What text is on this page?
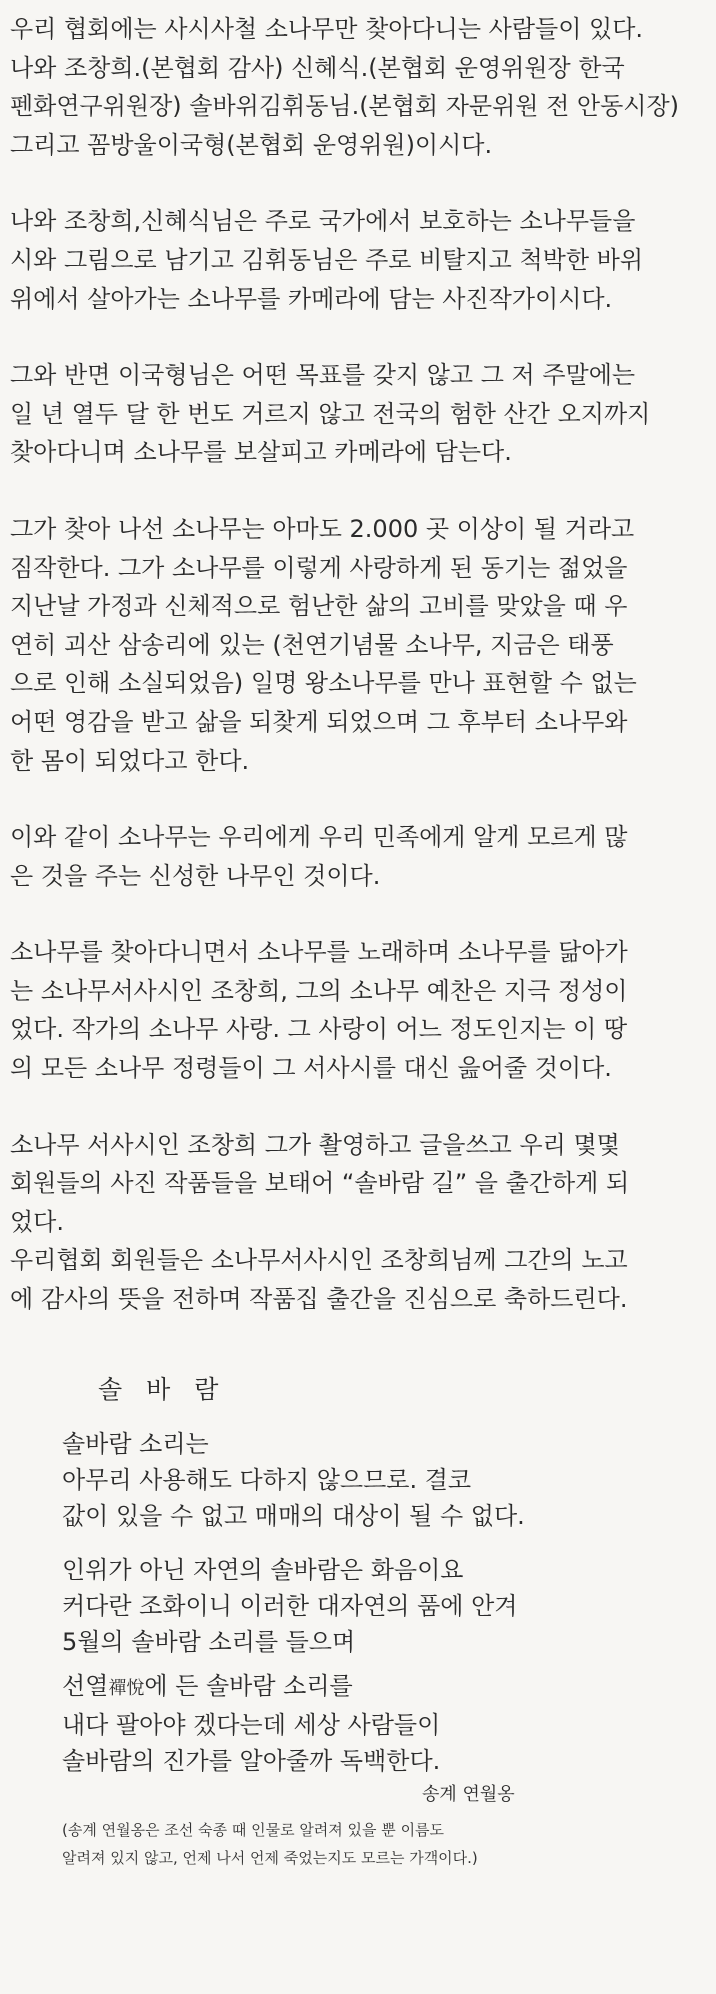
우리 협회에는 사시사철 소나무만 찾아다니는 사람들이 있다.
나와 조창희.(본협회 감사) 신혜식.(본협회 운영위원장 한국
펜화연구위원장) 솔바위김휘동님.(본협회 자문위원 전 안동시장)
그리고 꼼방울이국형(본협회 운영위원)이시다.

나와 조창희,신혜식님은 주로 국가에서 보호하는 소나무들을
시와 그림으로 남기고 김휘동님은 주로 비탈지고 척박한 바위
위에서 살아가는 소나무를 카메라에 담는 사진작가이시다.

그와 반면 이국형님은 어떤 목표를 갖지 않고 그 저 주말에는
일 년 열두 달 한 번도 거르지 않고 전국의 험한 산간 오지까지
찾아다니며 소나무를 보살피고 카메라에 담는다.

그가 찾아 나선 소나무는 아마도 2.000 곳 이상이 될 거라고
짐작한다. 그가 소나무를 이렇게 사랑하게 된 동기는 젊었을
지난날 가정과 신체적으로 험난한 삶의 고비를 맞았을 때 우
연히 괴산 삼송리에 있는 (천연기념물 소나무, 지금은 태풍
으로 인해 소실되었음) 일명 왕소나무를 만나 표현할 수 없는
어떤 영감을 받고 삶을 되찾게 되었으며 그 후부터 소나무와
한 몸이 되었다고 한다.

이와 같이 소나무는 우리에게 우리 민족에게 알게 모르게 많
은 것을 주는 신성한 나무인 것이다.

소나무를 찾아다니면서 소나무를 노래하며 소나무를 닮아가
는 소나무서사시인 조창희, 그의 소나무 예찬은 지극 정성이
었다. 작가의 소나무 사랑. 그 사랑이 어느 정도인지는 이 땅
의 모든 소나무 정령들이 그 서사시를 대신 읊어줄 것이다.

소나무 서사시인 조창희 그가 촬영하고 글을쓰고 우리 몇몇
회원들의 사진 작품들을 보태어 “솔바람 길” 을 출간하게 되
었다.
우리협회 회원들은 소나무서사시인 조창희님께 그간의 노고
에 감사의 뜻을 전하며 작품집 출간을 진심으로 축하드린다.

솔 바 람
솔바람 소리는
아무리 사용해도 다하지 않으므로. 결코
값이 있을 수 없고 매매의 대상이 될 수 없다.
인위가 아닌 자연의 솔바람은 화음이요
커다란 조화이니 이러한 대자연의 품에 안겨
5월의 솔바람 소리를 들으며
선열禪悅에 든 솔바람 소리를
내다 팔아야 겠다는데 세상 사람들이
솔바람의 진가를 알아줄까 독백한다.
송계 연월옹
(송계 연월옹은 조선 숙종 때 인물로 알려져 있을 뿐 이름도
알려져 있지 않고, 언제 나서 언제 죽었는지도 모르는 가객이다.)
